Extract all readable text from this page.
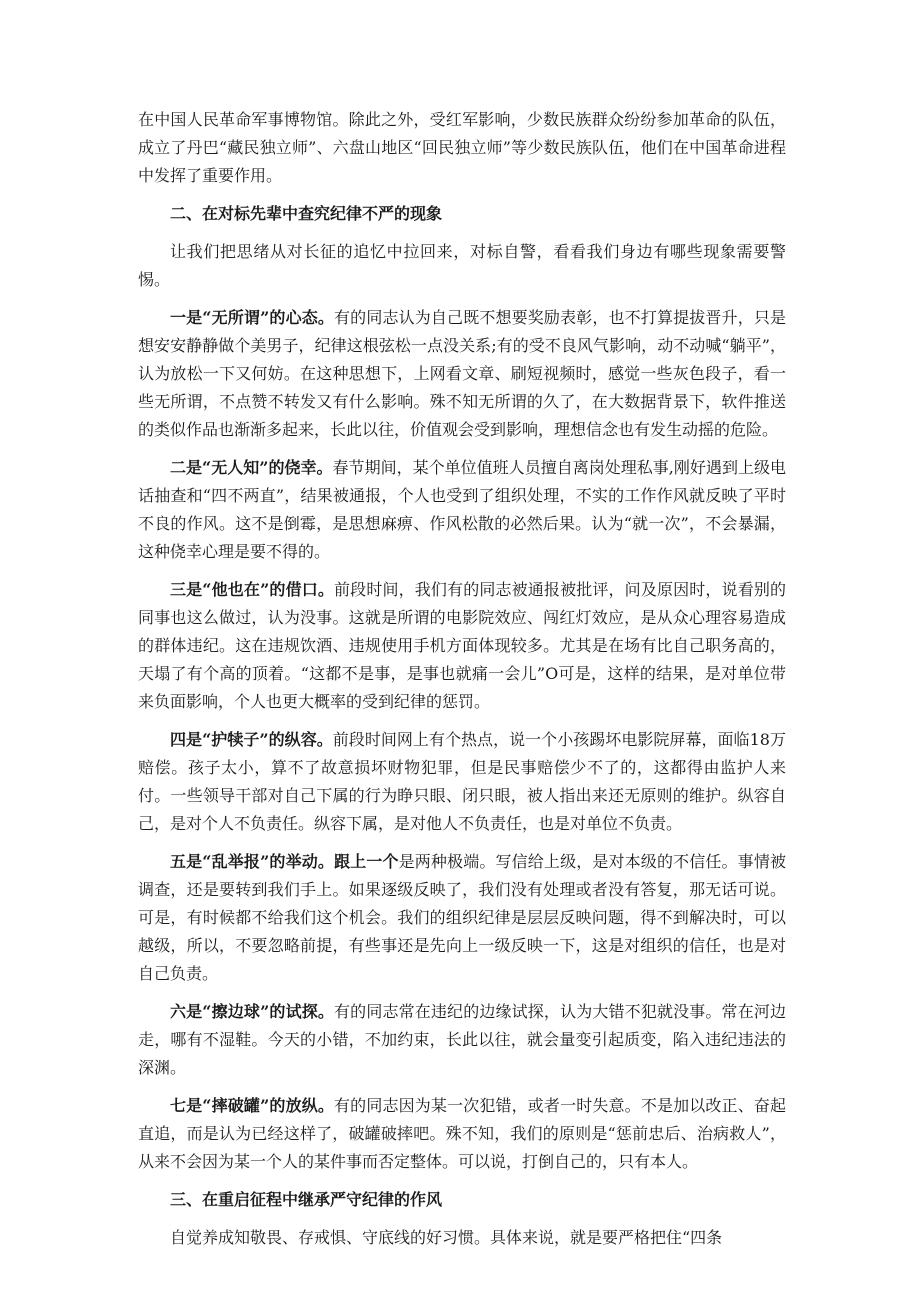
在中国人民革命军事博物馆。除此之外，受红军影响，少数民族群众纷纷参加革命的队伍，成立了丹巴“藏民独立师”、六盘山地区“回民独立师”等少数民族队伍，他们在中国革命进程中发挥了重要作用。

二、在对标先辈中查究纪律不严的现象

让我们把思绪从对长征的追忆中拉回来，对标自警，看看我们身边有哪些现象需要警惕。

一是“无所谓”的心态。有的同志认为自己既不想要奖励表彰，也不打算提拔晋升，只是想安安静静做个美男子，纪律这根弦松一点没关系;有的受不良风气影响，动不动喊“躺平”，认为放松一下又何妨。在这种思想下，上网看文章、刷短视频时，感觉一些灰色段子，看一些无所谓，不点赞不转发又有什么影响。殊不知无所谓的久了，在大数据背景下，软件推送的类似作品也渐渐多起来，长此以往，价值观会受到影响，理想信念也有发生动摇的危险。

二是“无人知”的侥幸。春节期间，某个单位值班人员擅自离岗处理私事,刚好遇到上级电话抽查和“四不两直”，结果被通报，个人也受到了组织处理，不实的工作作风就反映了平时不良的作风。这不是倒霉，是思想麻痹、作风松散的必然后果。认为“就一次”，不会暴漏，这种侥幸心理是要不得的。

三是“他也在”的借口。前段时间，我们有的同志被通报被批评，问及原因时，说看别的同事也这么做过，认为没事。这就是所谓的电影院效应、闯红灯效应，是从众心理容易造成的群体违纪。这在违规饮酒、违规使用手机方面体现较多。尤其是在场有比自己职务高的，天塌了有个高的顶着。“这都不是事，是事也就痛一会儿”O可是，这样的结果，是对单位带来负面影响，个人也更大概率的受到纪律的惩罚。

四是“护犊子”的纵容。前段时间网上有个热点，说一个小孩踢坏电影院屏幕，面临18万赔偿。孩子太小，算不了故意损坏财物犯罪，但是民事赔偿少不了的，这都得由监护人来付。一些领导干部对自己下属的行为睁只眼、闭只眼，被人指出来还无原则的维护。纵容自己，是对个人不负责任。纵容下属，是对他人不负责任，也是对单位不负责。

五是“乱举报”的举动。跟上一个是两种极端。写信给上级，是对本级的不信任。事情被调查，还是要转到我们手上。如果逐级反映了，我们没有处理或者没有答复，那无话可说。可是，有时候都不给我们这个机会。我们的组织纪律是层层反映问题，得不到解决时，可以越级，所以，不要忽略前提，有些事还是先向上一级反映一下，这是对组织的信任，也是对自己负责。

六是“擦边球”的试探。有的同志常在违纪的边缘试探，认为大错不犯就没事。常在河边走，哪有不湿鞋。今天的小错，不加约束，长此以往，就会量变引起质变，陷入违纪违法的深渊。

七是“摔破罐”的放纵。有的同志因为某一次犯错，或者一时失意。不是加以改正、奋起直追，而是认为已经这样了，破罐破摔吧。殊不知，我们的原则是“惩前忠后、治病救人”，从来不会因为某一个人的某件事而否定整体。可以说，打倒自己的，只有本人。

三、在重启征程中继承严守纪律的作风

自觉养成知敬畏、存戒惧、守底线的好习惯。具体来说，就是要严格把住“四条
